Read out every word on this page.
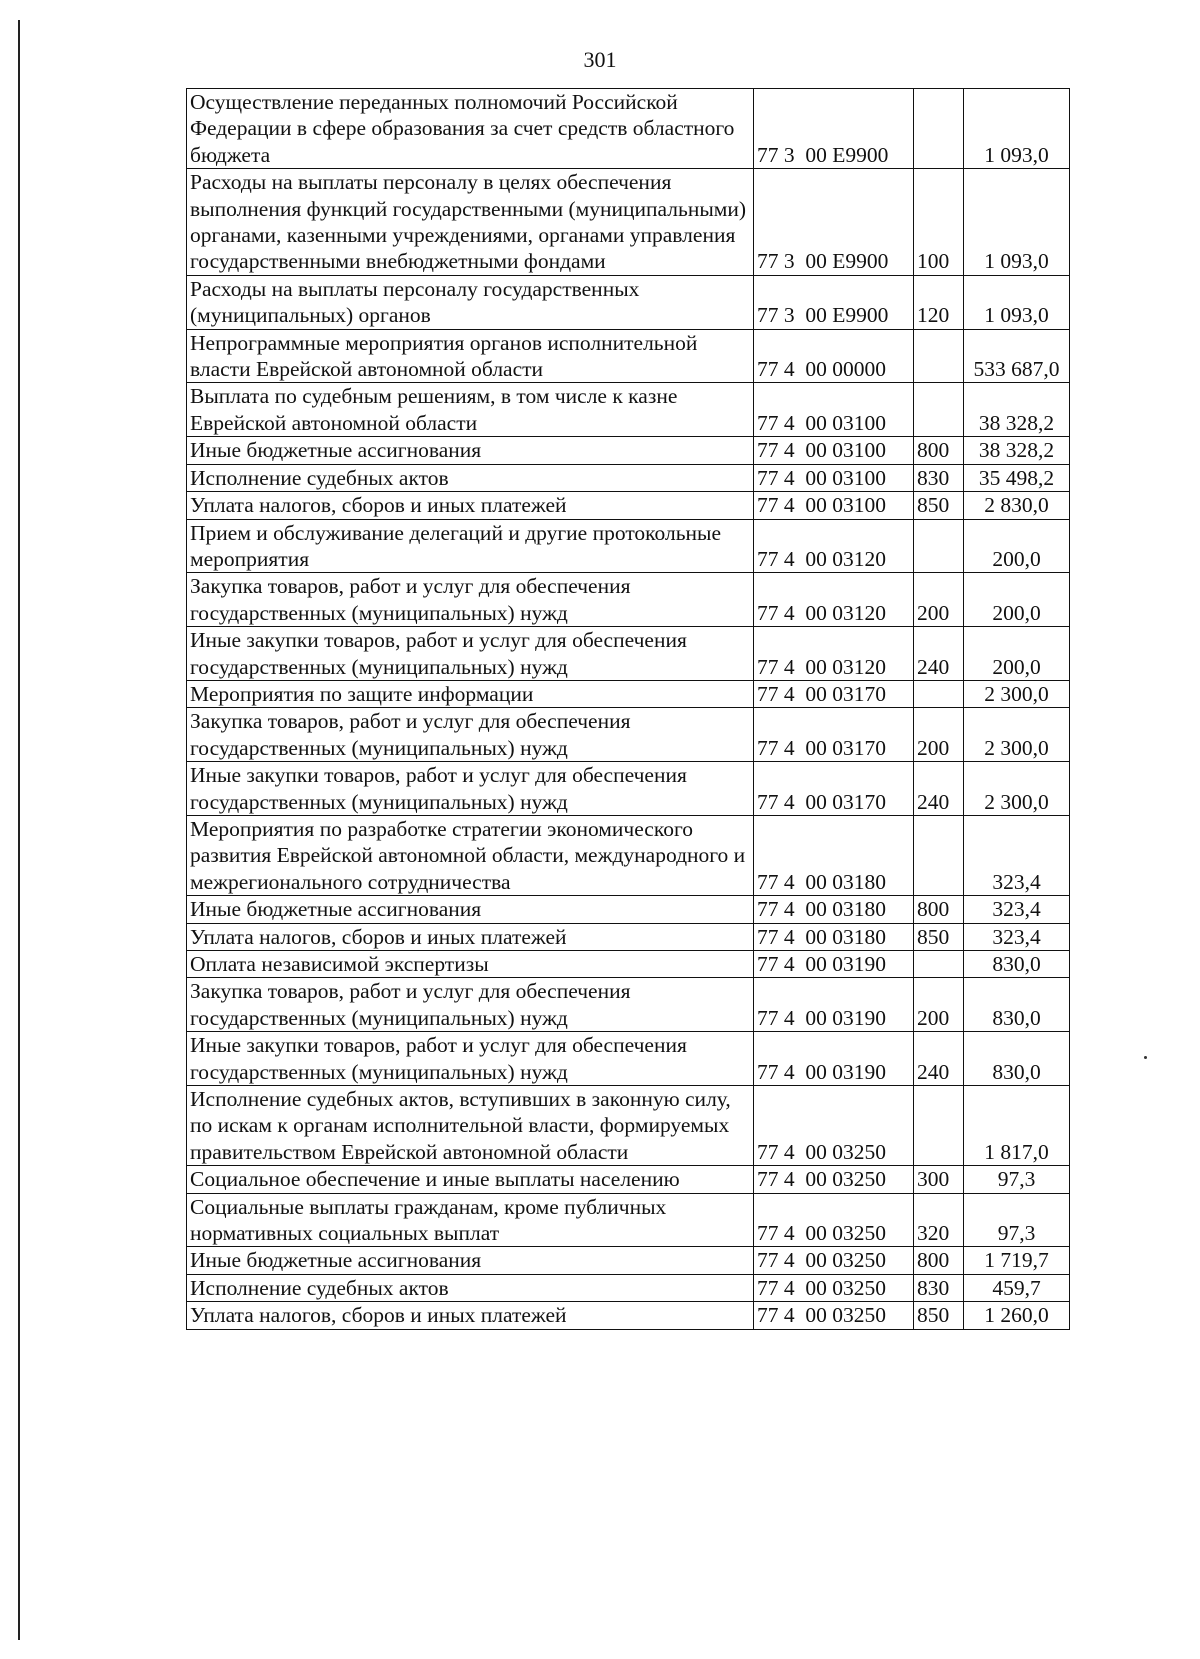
301
Осуществление переданных полномочий Российской Федерации в сфере образования за счет средств областного бюджета	77 3  00 Е9900		1 093,0
Расходы на выплаты персоналу в целях обеспечения выполнения функций государственными (муниципальными) органами, казенными учреждениями, органами управления государственными внебюджетными фондами	77 3  00 Е9900	100	1 093,0
Расходы на выплаты персоналу государственных (муниципальных) органов	77 3  00 Е9900	120	1 093,0
Непрограммные мероприятия органов исполнительной власти Еврейской автономной области	77 4  00 00000		533 687,0
Выплата по судебным решениям, в том числе к казне Еврейской автономной области	77 4  00 03100		38 328,2
Иные бюджетные ассигнования	77 4  00 03100	800	38 328,2
Исполнение судебных актов	77 4  00 03100	830	35 498,2
Уплата налогов, сборов и иных платежей	77 4  00 03100	850	2 830,0
Прием и обслуживание делегаций и другие протокольные мероприятия	77 4  00 03120		200,0
Закупка товаров, работ и услуг для обеспечения государственных (муниципальных) нужд	77 4  00 03120	200	200,0
Иные закупки товаров, работ и услуг для обеспечения государственных (муниципальных) нужд	77 4  00 03120	240	200,0
Мероприятия по защите информации	77 4  00 03170		2 300,0
Закупка товаров, работ и услуг для обеспечения государственных (муниципальных) нужд	77 4  00 03170	200	2 300,0
Иные закупки товаров, работ и услуг для обеспечения государственных (муниципальных) нужд	77 4  00 03170	240	2 300,0
Мероприятия по разработке стратегии экономического развития Еврейской автономной области, международного и межрегионального сотрудничества	77 4  00 03180		323,4
Иные бюджетные ассигнования	77 4  00 03180	800	323,4
Уплата налогов, сборов и иных платежей	77 4  00 03180	850	323,4
Оплата независимой экспертизы	77 4  00 03190		830,0
Закупка товаров, работ и услуг для обеспечения государственных (муниципальных) нужд	77 4  00 03190	200	830,0
Иные закупки товаров, работ и услуг для обеспечения государственных (муниципальных) нужд	77 4  00 03190	240	830,0
Исполнение судебных актов, вступивших в законную силу, по искам к органам исполнительной власти, формируемых правительством Еврейской автономной области	77 4  00 03250		1 817,0
Социальное обеспечение и иные выплаты населению	77 4  00 03250	300	97,3
Социальные выплаты гражданам, кроме публичных нормативных социальных выплат	77 4  00 03250	320	97,3
Иные бюджетные ассигнования	77 4  00 03250	800	1 719,7
Исполнение судебных актов	77 4  00 03250	830	459,7
Уплата налогов, сборов и иных платежей	77 4  00 03250	850	1 260,0
